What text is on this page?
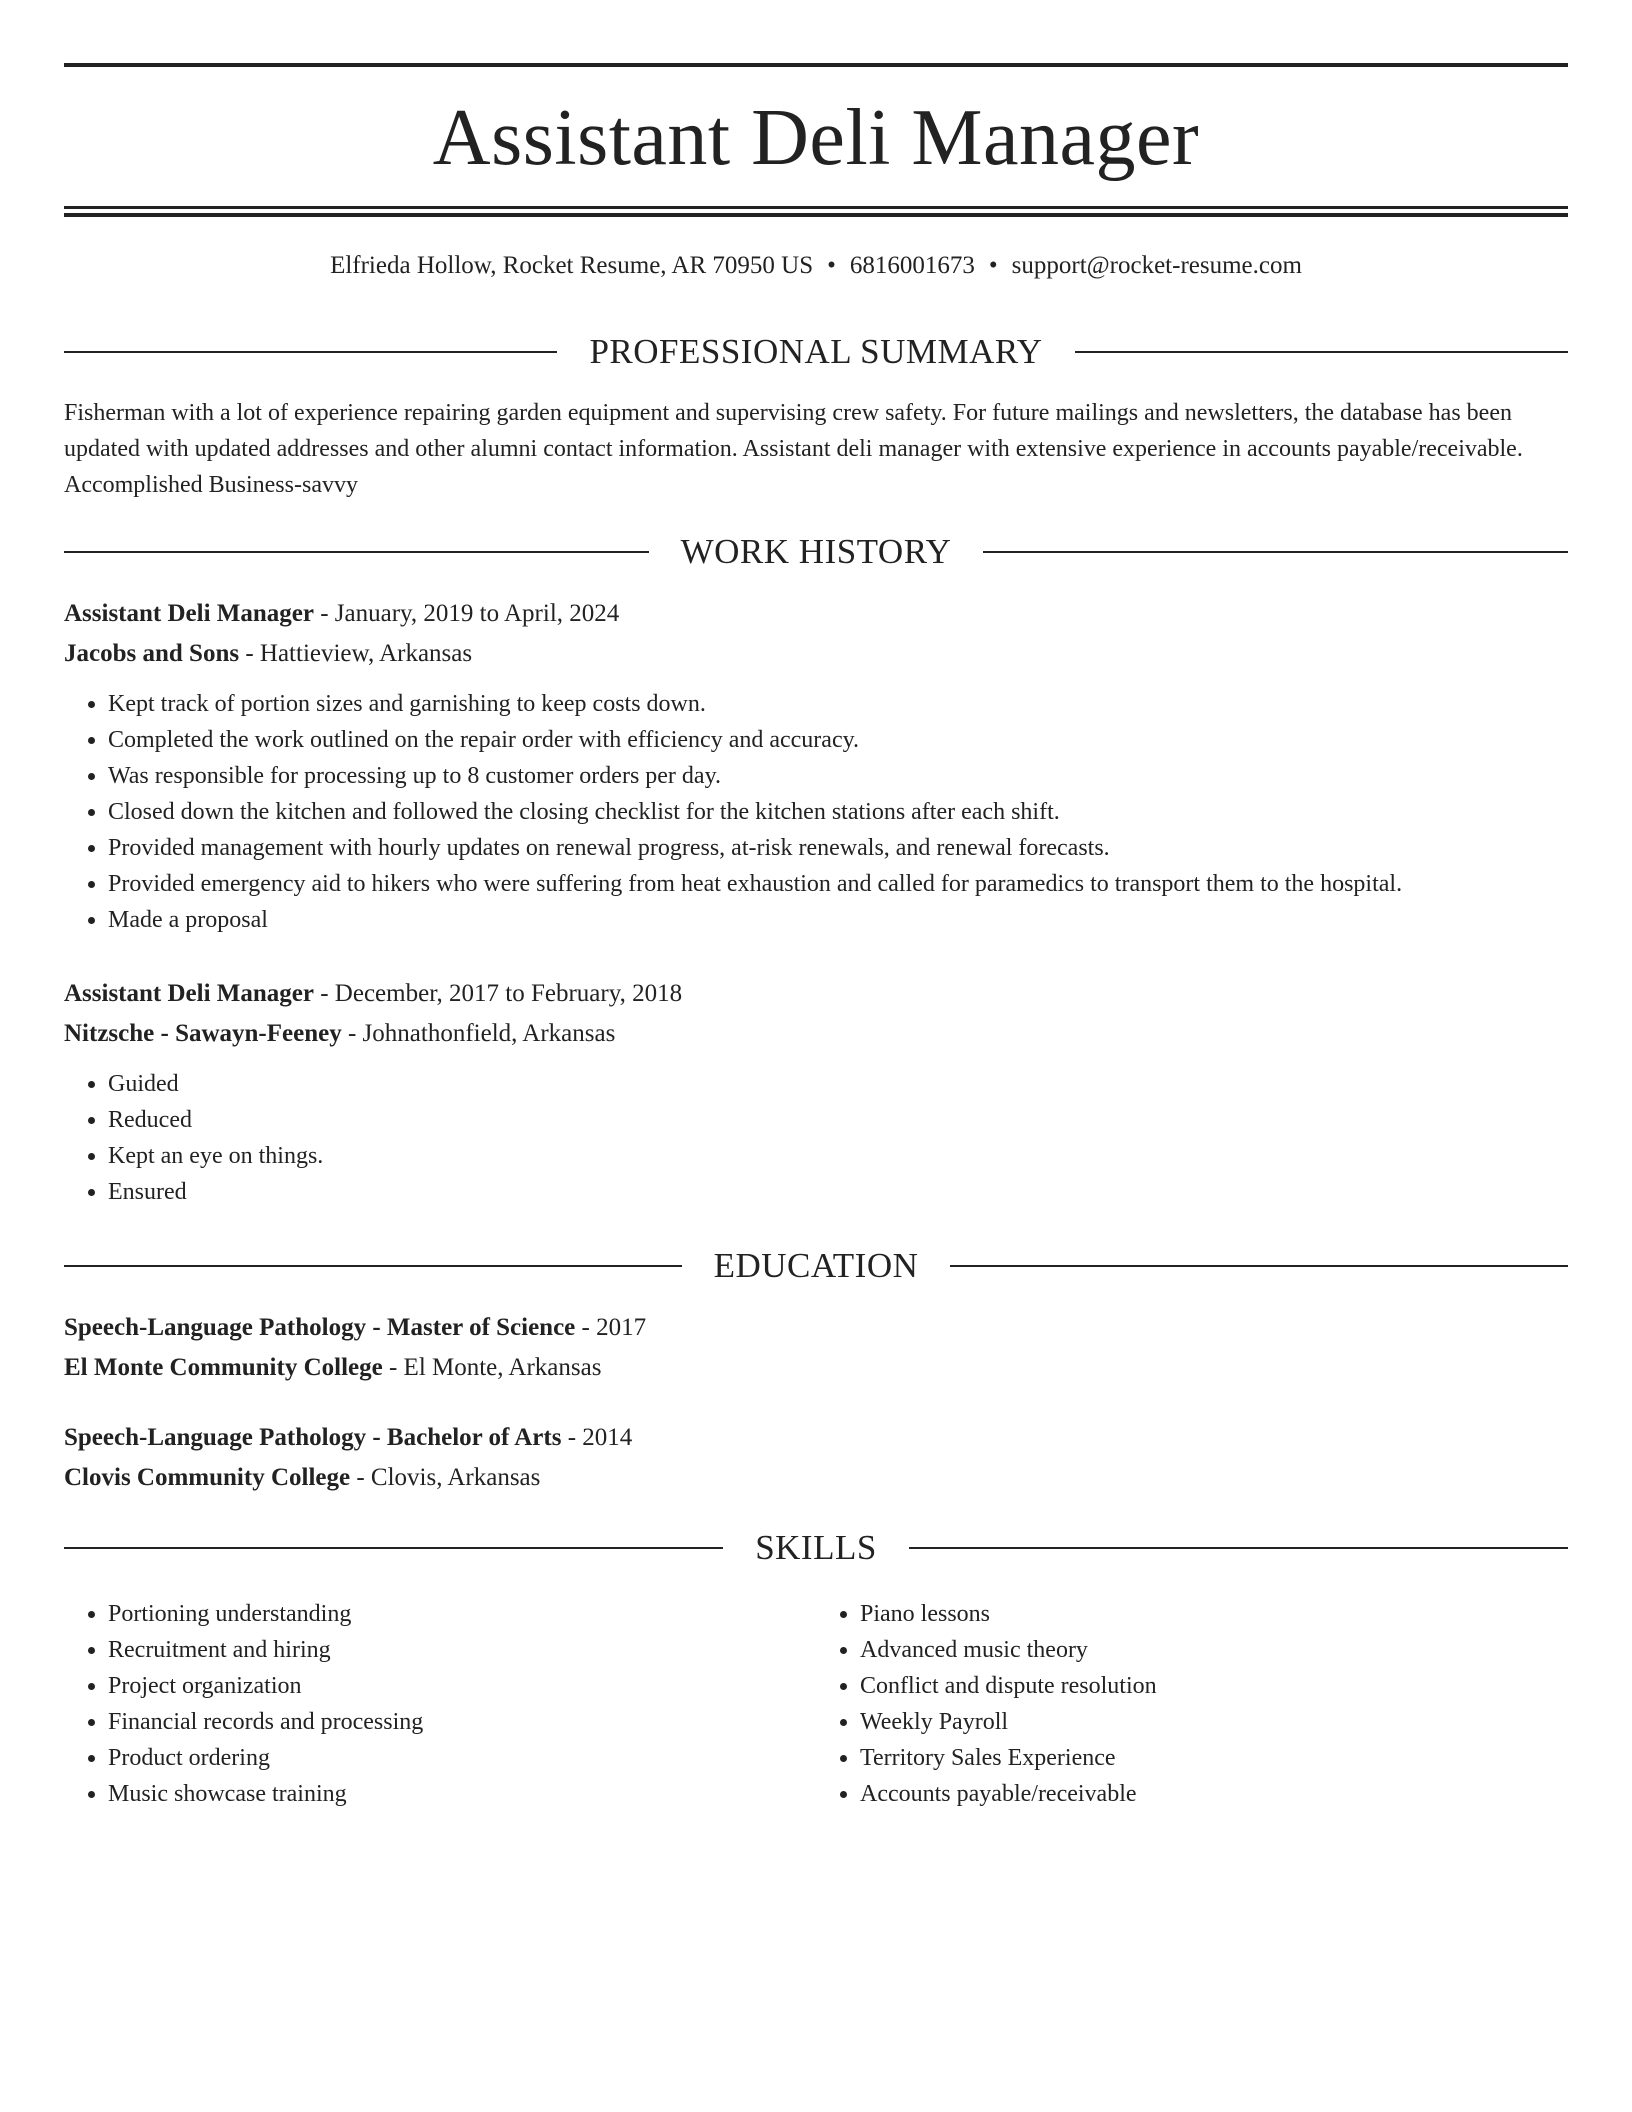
Assistant Deli Manager
Elfrieda Hollow, Rocket Resume, AR 70950 US • 6816001673 • support@rocket-resume.com
PROFESSIONAL SUMMARY

Fisherman with a lot of experience repairing garden equipment and supervising crew safety. For future mailings and newsletters, the database has been updated with updated addresses and other alumni contact information. Assistant deli manager with extensive experience in accounts payable/receivable. Accomplished Business-savvy

WORK HISTORY
Assistant Deli Manager - January, 2019 to April, 2024
Jacobs and Sons - Hattieview, Arkansas
• Kept track of portion sizes and garnishing to keep costs down.
• Completed the work outlined on the repair order with efficiency and accuracy.
• Was responsible for processing up to 8 customer orders per day.
• Closed down the kitchen and followed the closing checklist for the kitchen stations after each shift.
• Provided management with hourly updates on renewal progress, at-risk renewals, and renewal forecasts.
• Provided emergency aid to hikers who were suffering from heat exhaustion and called for paramedics to transport them to the hospital.
• Made a proposal
Assistant Deli Manager - December, 2017 to February, 2018
Nitzsche - Sawayn-Feeney - Johnathonfield, Arkansas
• Guided
• Reduced
• Kept an eye on things.
• Ensured
EDUCATION
Speech-Language Pathology - Master of Science - 2017
El Monte Community College - El Monte, Arkansas
Speech-Language Pathology - Bachelor of Arts - 2014
Clovis Community College - Clovis, Arkansas
SKILLS
• Portioning understanding
• Recruitment and hiring
• Project organization
• Financial records and processing
• Product ordering
• Music showcase training
• Piano lessons
• Advanced music theory
• Conflict and dispute resolution
• Weekly Payroll
• Territory Sales Experience
• Accounts payable/receivable
